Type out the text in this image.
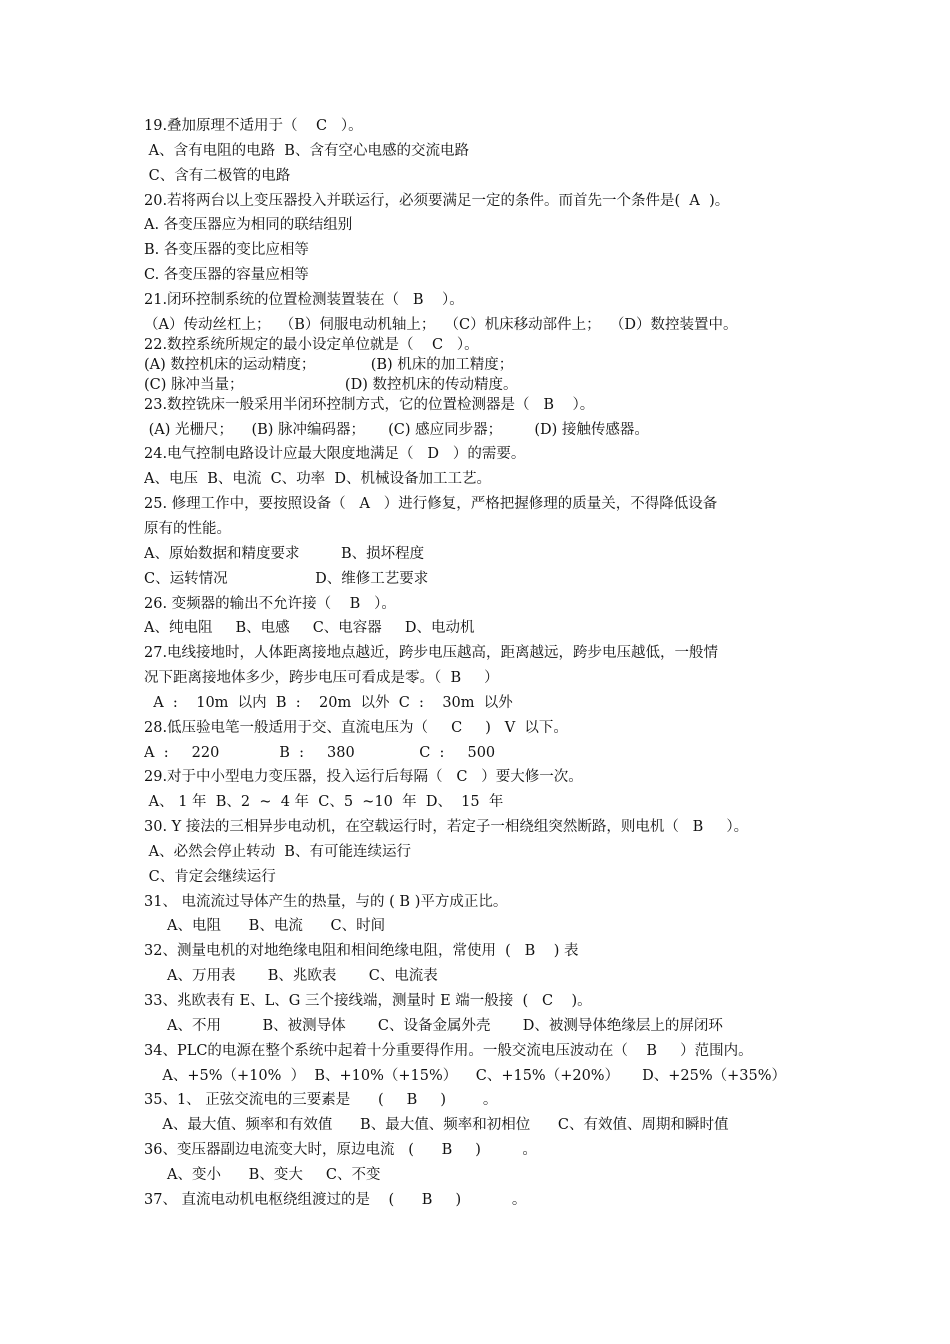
19.叠加原理不适用于（    C   ）。
A、含有电阻的电路  B、含有空心电感的交流电路
C、含有二极管的电路
20.若将两台以上变压器投入并联运行，必须要满足一定的条件。而首先一个条件是(  A  )。
A. 各变压器应为相同的联结组别
B. 各变压器的变比应相等
C. 各变压器的容量应相等
21.闭环控制系统的位置检测装置装在（   B    ）。
（A）传动丝杠上；  （B）伺服电动机轴上；  （C）机床移动部件上；  （D）数控装置中。
22.数控系统所规定的最小设定单位就是（    C   ）。
(A) 数控机床的运动精度；            (B) 机床的加工精度；
(C) 脉冲当量；                      (D) 数控机床的传动精度。
23.数控铣床一般采用半闭环控制方式，它的位置检测器是（   B    ）。
(A) 光栅尺；    (B) 脉冲编码器；     (C) 感应同步器；       (D) 接触传感器。
24.电气控制电路设计应最大限度地满足（   D   ）的需要。
A、电压  B、电流  C、功率  D、机械设备加工工艺。
25. 修理工作中，要按照设备（   A   ）进行修复，严格把握修理的质量关，不得降低设备
原有的性能。
A、原始数据和精度要求         B、损坏程度
C、运转情况                   D、维修工艺要求
26. 变频器的输出不允许接（    B   ）。
A、纯电阻     B、电感     C、电容器     D、电动机
27.电线接地时，人体距离接地点越近，跨步电压越高，距离越远，跨步电压越低，一般情
况下距离接地体多少，跨步电压可看成是零。（  B     ）
A  :    10m  以内  B  :    20m  以外  C  :    30m  以外
28.低压验电笔一般适用于交、直流电压为（     C     )   V  以下。
A  :     220             B  :     380              C  :     500
29.对于中小型电力变压器，投入运行后每隔（   C   ）要大修一次。
A、 1 年  B、2  ~  4 年  C、5  ~10  年  D、  15  年
30. Y 接法的三相异步电动机，在空载运行时，若定子一相绕组突然断路，则电机（   B     ）。
A、必然会停止转动  B、有可能连续运行
C、肯定会继续运行
31、 电流流过导体产生的热量，与的 ( B )平方成正比。
A、电阻      B、电流      C、时间
32、测量电机的对地绝缘电阻和相间绝缘电阻，常使用  (   B    ) 表
A、万用表       B、兆欧表       C、电流表
33、兆欧表有 E、L、G 三个接线端，测量时 E 端一般接  (   C    )。
A、不用         B、被测导体       C、设备金属外壳       D、被测导体绝缘层上的屏闭环
34、PLC的电源在整个系统中起着十分重要得作用。一般交流电压波动在（    B     ）范围内。
A、+5%（+10%  ）  B、+10%（+15%）    C、+15%（+20%）     D、+25%（+35%）
35、1、 正弦交流电的三要素是      (     B     )        。
A、最大值、频率和有效值      B、最大值、频率和初相位      C、有效值、周期和瞬时值
36、变压器副边电流变大时，原边电流   (      B     )         。
A、变小      B、变大     C、不变
37、 直流电动机电枢绕组渡过的是    (      B     )           。
